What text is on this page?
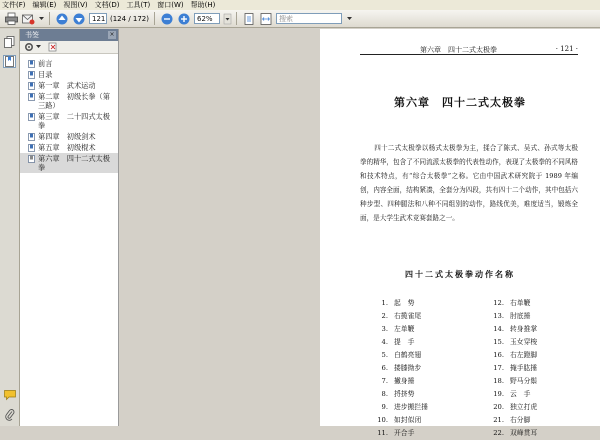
文件(F) 编辑(E) 视图(V) 文档(D) 工具(T) 窗口(W) 帮助(H)
121 (124 / 172)	62%	搜索
书签	×
前言
目录
第一章　武术运动
第二章　初级长拳（第三路）
第三章　二十四式太极拳
第四章　初级剑术
第五章　初级棍术
第六章　四十二式太极拳
第六章　四十二式太极拳	· 121 ·
第六章　四十二式太极拳
四十二式太极拳以杨式太极拳为主，揉合了陈式、吴式、孙式等太极拳的精华，包含了不同流派太极拳的代表性动作，表现了太极拳的不同风格和技术特点，有“综合太极拳”之称。它由中国武术研究院于 1989 年编创，内容全面，结构紧凑，全套分为四段，共有四十二个动作，其中包括六种步型、四种腿法和八种不同组别的动作，路线优美，难度适当，锻炼全面，是大学生武术竞赛套路之一。
四十二式太极拳动作名称
1. 起　势
2. 右揽雀尾
3. 左单鞭
4. 提　手
5. 白鹤亮翅
6. 搂膝拗步
7. 撇身捶
8. 捋挤势
9. 进步搬拦捶
10. 如封似闭
11. 开合手
12. 右单鞭
13. 肘底捶
14. 转身推掌
15. 玉女穿梭
16. 右左蹬脚
17. 掩手肱捶
18. 野马分鬃
19. 云　手
20. 独立打虎
21. 右分脚
22. 双峰贯耳
